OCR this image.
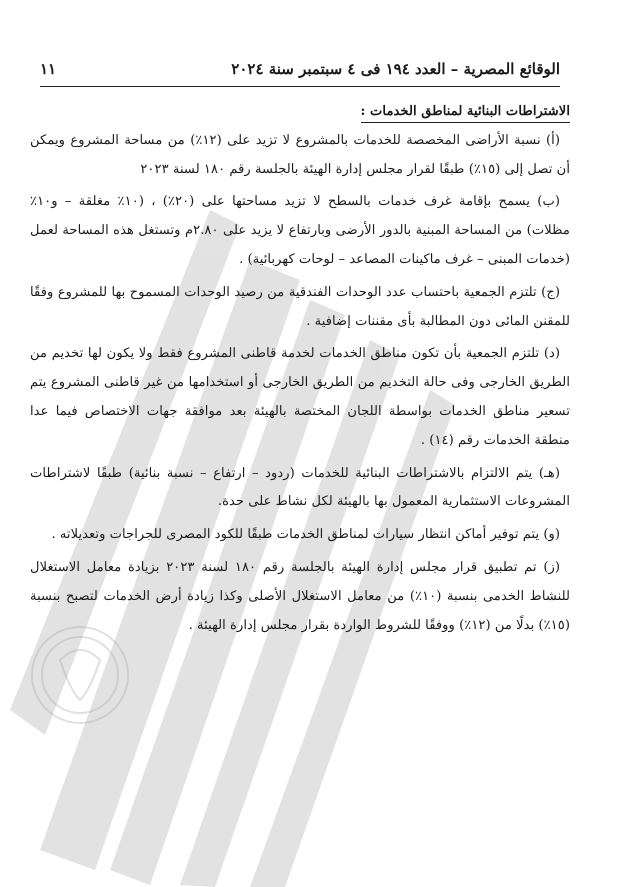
الوقائع المصرية – العدد ١٩٤ فى ٤ سبتمبر سنة ٢٠٢٤
١١
الاشتراطات البنائية لمناطق الخدمات :

(أ) نسبة الأراضى المخصصة للخدمات بالمشروع لا تزيد على (١٢٪) من مساحة المشروع ويمكن أن تصل إلى (١٥٪) طبقًا لقرار مجلس إدارة الهيئة بالجلسة رقم ١٨٠ لسنة ٢٠٢٣

(ب) يسمح بإقامة غرف خدمات بالسطح لا تزيد مساحتها على (٢٠٪) ، (١٠٪ مغلقة – و١٠٪ مظلات) من المساحة المبنية بالدور الأرضى وبارتفاع لا يزيد على ٢.٨٠م وتستغل هذه المساحة لعمل (خدمات المبنى – غرف ماكينات المصاعد – لوحات كهربائية) .

(ج) تلتزم الجمعية باحتساب عدد الوحدات الفندقية من رصيد الوحدات المسموح بها للمشروع وفقًا للمقنن المائى دون المطالبة بأى مقننات إضافية .

(د) تلتزم الجمعية بأن تكون مناطق الخدمات لخدمة قاطنى المشروع فقط ولا يكون لها تخديم من الطريق الخارجى وفى حالة التخديم من الطريق الخارجى أو استخدامها من غير قاطنى المشروع يتم تسعير مناطق الخدمات بواسطة اللجان المختصة بالهيئة بعد موافقة جهات الاختصاص فيما عدا منطقة الخدمات رقم (١٤) .

(هـ) يتم الالتزام بالاشتراطات البنائية للخدمات (ردود – ارتفاع – نسبة بنائية) طبقًا لاشتراطات المشروعات الاستثمارية المعمول بها بالهيئة لكل نشاط على حدة.

(و) يتم توفير أماكن انتظار سيارات لمناطق الخدمات طبقًا للكود المصرى للجراجات وتعديلاته .

(ز) تم تطبيق قرار مجلس إدارة الهيئة بالجلسة رقم ١٨٠ لسنة ٢٠٢٣ بزيادة معامل الاستغلال للنشاط الخدمى بنسبة (١٠٪) من معامل الاستغلال الأصلى وكذا زيادة أرض الخدمات لتصبح بنسبة (١٥٪) بدلًا من (١٢٪) ووفقًا للشروط الواردة بقرار مجلس إدارة الهيئة .
